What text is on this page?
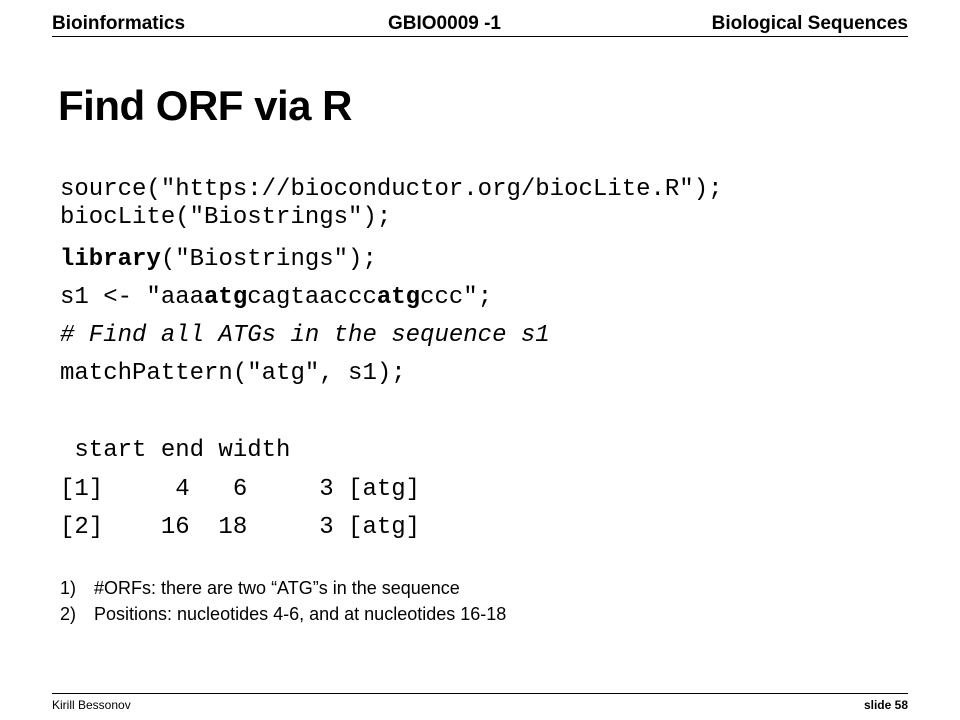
Bioinformatics	GBIO0009 -1	Biological Sequences
Find ORF via R
source("https://bioconductor.org/biocLite.R");
biocLite("Biostrings");
library("Biostrings");
s1 <- "aaaatgcagtaacccatgccc";
# Find all ATGs in the sequence s1
matchPattern("atg", s1);
start end width
[1]     4   6     3 [atg]
[2]    16  18     3 [atg]
1) #ORFs: there are two “ATG”s in the sequence
2) Positions: nucleotides 4-6, and at nucleotides 16-18
Kirill Bessonov	slide 58
